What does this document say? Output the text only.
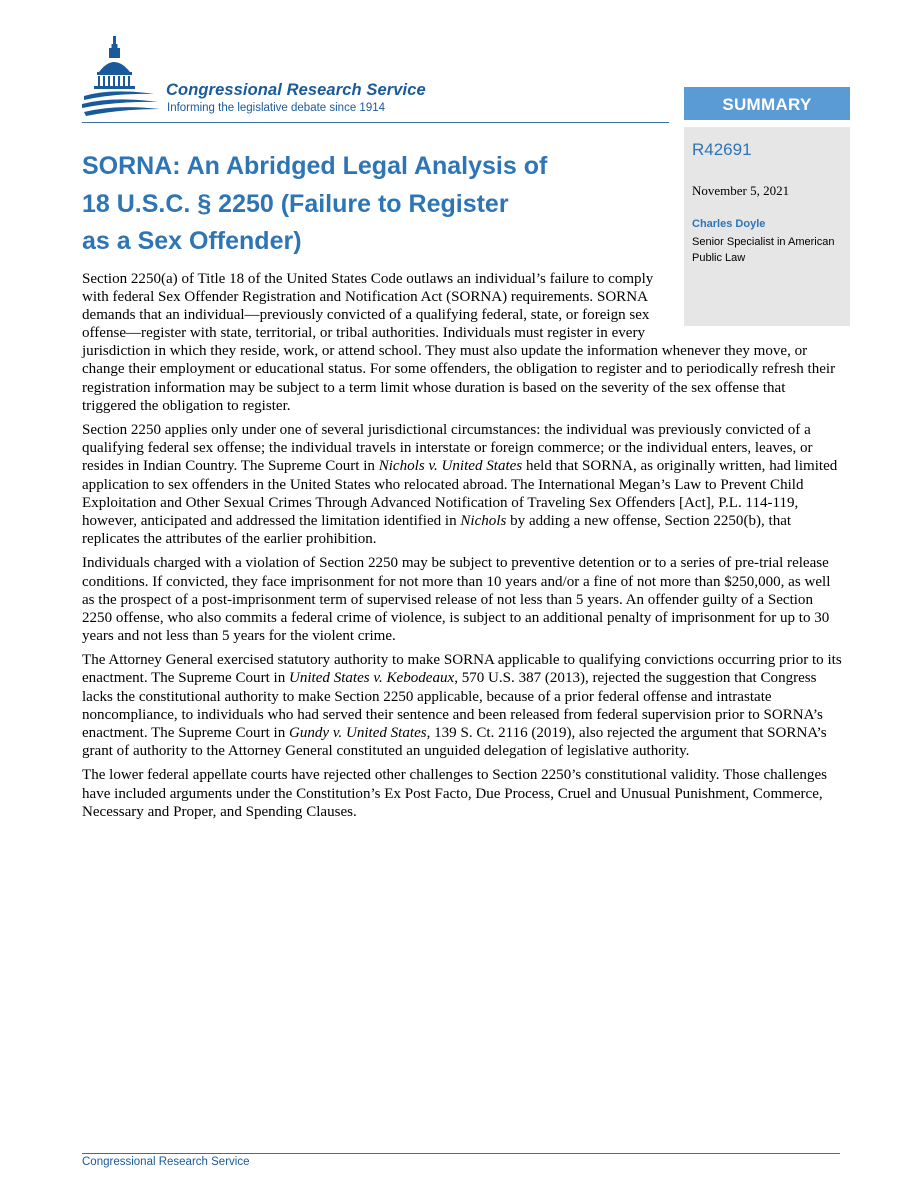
Congressional Research Service
Informing the legislative debate since 1914	SUMMARY
R42691
November 5, 2021
Charles Doyle
Senior Specialist in American Public Law
SORNA: An Abridged Legal Analysis of
18 U.S.C. § 2250 (Failure to Register
as a Sex Offender)

Section 2250(a) of Title 18 of the United States Code outlaws an individual’s failure to comply with federal Sex Offender Registration and Notification Act (SORNA) requirements. SORNA demands that an individual—previously convicted of a qualifying federal, state, or foreign sex offense—register with state, territorial, or tribal authorities. Individuals must register in every jurisdiction in which they reside, work, or attend school. They must also update the information whenever they move, or change their employment or educational status. For some offenders, the obligation to register and to periodically refresh their registration information may be subject to a term limit whose duration is based on the severity of the sex offense that triggered the obligation to register.

Section 2250 applies only under one of several jurisdictional circumstances: the individual was previously convicted of a qualifying federal sex offense; the individual travels in interstate or foreign commerce; or the individual enters, leaves, or resides in Indian Country. The Supreme Court in Nichols v. United States held that SORNA, as originally written, had limited application to sex offenders in the United States who relocated abroad. The International Megan’s Law to Prevent Child Exploitation and Other Sexual Crimes Through Advanced Notification of Traveling Sex Offenders [Act], P.L. 114-119, however, anticipated and addressed the limitation identified in Nichols by adding a new offense, Section 2250(b), that replicates the attributes of the earlier prohibition.

Individuals charged with a violation of Section 2250 may be subject to preventive detention or to a series of pre-trial release conditions. If convicted, they face imprisonment for not more than 10 years and/or a fine of not more than $250,000, as well as the prospect of a post-imprisonment term of supervised release of not less than 5 years. An offender guilty of a Section 2250 offense, who also commits a federal crime of violence, is subject to an additional penalty of imprisonment for up to 30 years and not less than 5 years for the violent crime.

The Attorney General exercised statutory authority to make SORNA applicable to qualifying convictions occurring prior to its enactment. The Supreme Court in United States v. Kebodeaux, 570 U.S. 387 (2013), rejected the suggestion that Congress lacks the constitutional authority to make Section 2250 applicable, because of a prior federal offense and intrastate noncompliance, to individuals who had served their sentence and been released from federal supervision prior to SORNA’s enactment. The Supreme Court in Gundy v. United States, 139 S. Ct. 2116 (2019), also rejected the argument that SORNA’s grant of authority to the Attorney General constituted an unguided delegation of legislative authority.

The lower federal appellate courts have rejected other challenges to Section 2250’s constitutional validity. Those challenges have included arguments under the Constitution’s Ex Post Facto, Due Process, Cruel and Unusual Punishment, Commerce, Necessary and Proper, and Spending Clauses.

Congressional Research Service
